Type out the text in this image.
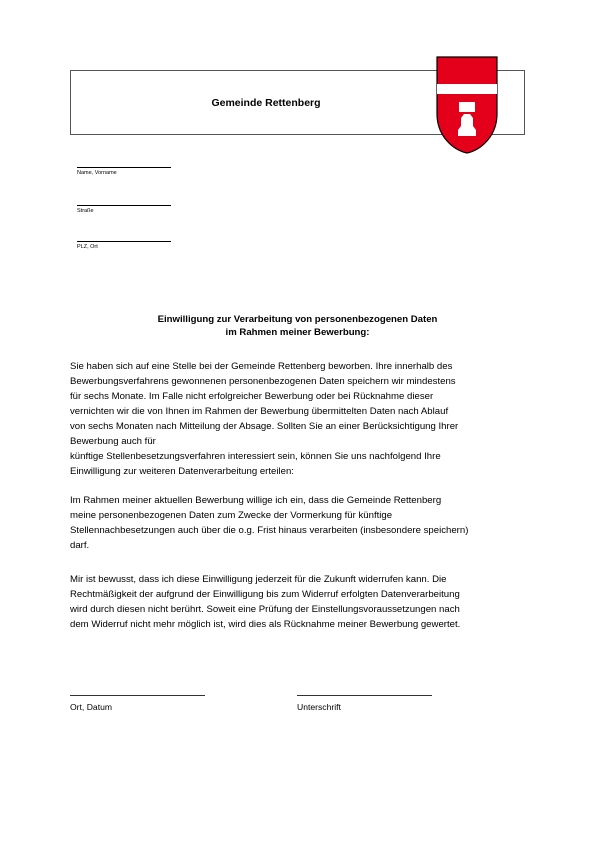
Gemeinde Rettenberg
Name, Vorname
Straße
PLZ, Ort
Einwilligung zur Verarbeitung von personenbezogenen Daten
im Rahmen meiner Bewerbung:
Sie haben sich auf eine Stelle bei der Gemeinde Rettenberg beworben. Ihre innerhalb des
Bewerbungsverfahrens gewonnenen personenbezogenen Daten speichern wir mindestens
für sechs Monate. Im Falle nicht erfolgreicher Bewerbung oder bei Rücknahme dieser
vernichten wir die von Ihnen im Rahmen der Bewerbung übermittelten Daten nach Ablauf
von sechs Monaten nach Mitteilung der Absage. Sollten Sie an einer Berücksichtigung Ihrer
Bewerbung auch für
künftige Stellenbesetzungsverfahren interessiert sein, können Sie uns nachfolgend Ihre
Einwilligung zur weiteren Datenverarbeitung erteilen:
Im Rahmen meiner aktuellen Bewerbung willige ich ein, dass die Gemeinde Rettenberg
meine personenbezogenen Daten zum Zwecke der Vormerkung für künftige
Stellennachbesetzungen auch über die o.g. Frist hinaus verarbeiten (insbesondere speichern)
darf.
Mir ist bewusst, dass ich diese Einwilligung jederzeit für die Zukunft widerrufen kann. Die
Rechtmäßigkeit der aufgrund der Einwilligung bis zum Widerruf erfolgten Datenverarbeitung
wird durch diesen nicht berührt. Soweit eine Prüfung der Einstellungsvoraussetzungen nach
dem Widerruf nicht mehr möglich ist, wird dies als Rücknahme meiner Bewerbung gewertet.
Ort, Datum	Unterschrift
